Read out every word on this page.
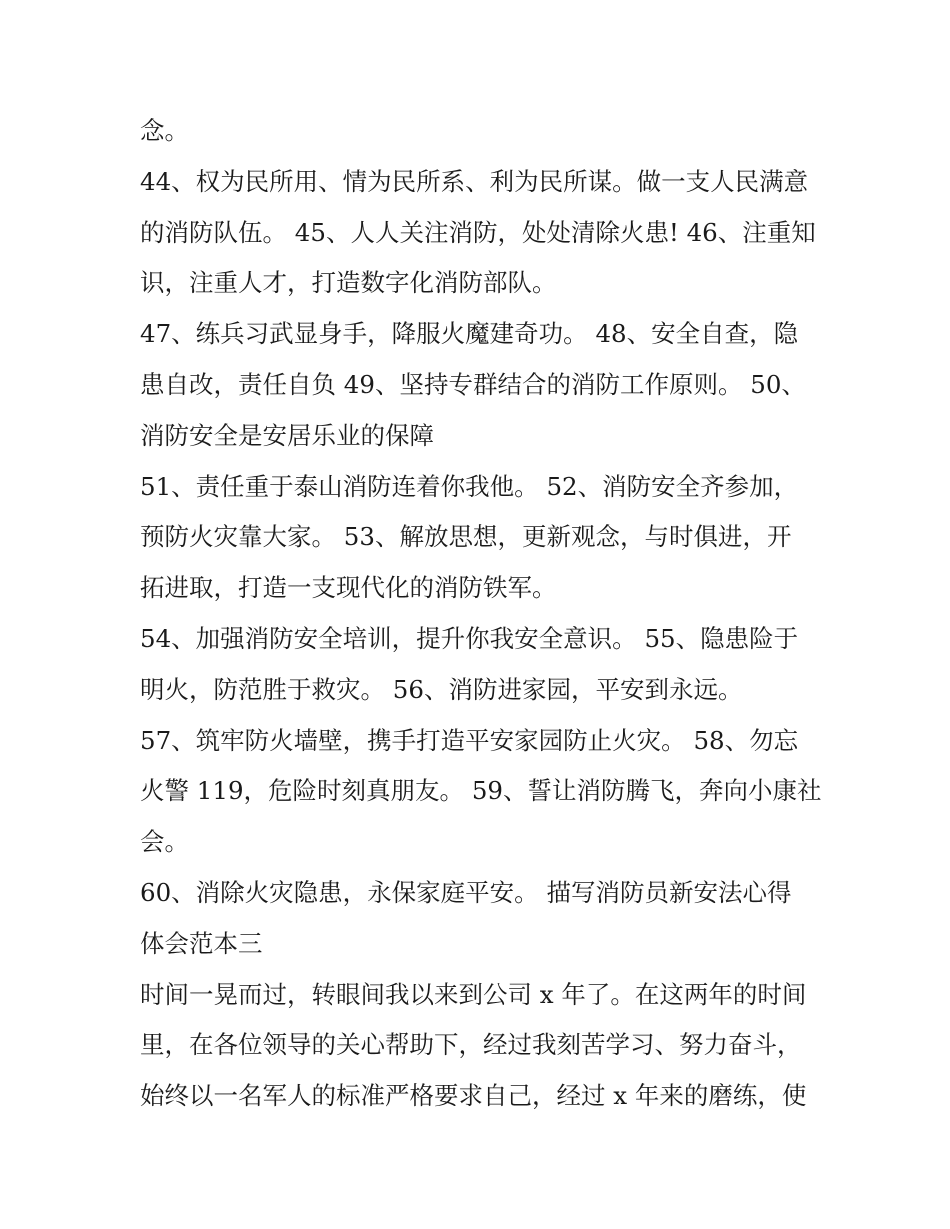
念。
44、权为民所用、情为民所系、利为民所谋。做一支人民满意
的消防队伍。 45、人人关注消防，处处清除火患! 46、注重知
识，注重人才，打造数字化消防部队。
47、练兵习武显身手，降服火魔建奇功。 48、安全自查，隐
患自改，责任自负 49、坚持专群结合的消防工作原则。 50、
消防安全是安居乐业的保障
51、责任重于泰山消防连着你我他。 52、消防安全齐参加，
预防火灾靠大家。 53、解放思想，更新观念，与时俱进，开
拓进取，打造一支现代化的消防铁军。
54、加强消防安全培训，提升你我安全意识。 55、隐患险于
明火，防范胜于救灾。 56、消防进家园，平安到永远。
57、筑牢防火墙壁，携手打造平安家园防止火灾。 58、勿忘
火警 119，危险时刻真朋友。 59、誓让消防腾飞，奔向小康社
会。
60、消除火灾隐患，永保家庭平安。 描写消防员新安法心得
体会范本三
时间一晃而过，转眼间我以来到公司 x 年了。在这两年的时间
里，在各位领导的关心帮助下，经过我刻苦学习、努力奋斗，
始终以一名军人的标准严格要求自己，经过 x 年来的磨练，使
